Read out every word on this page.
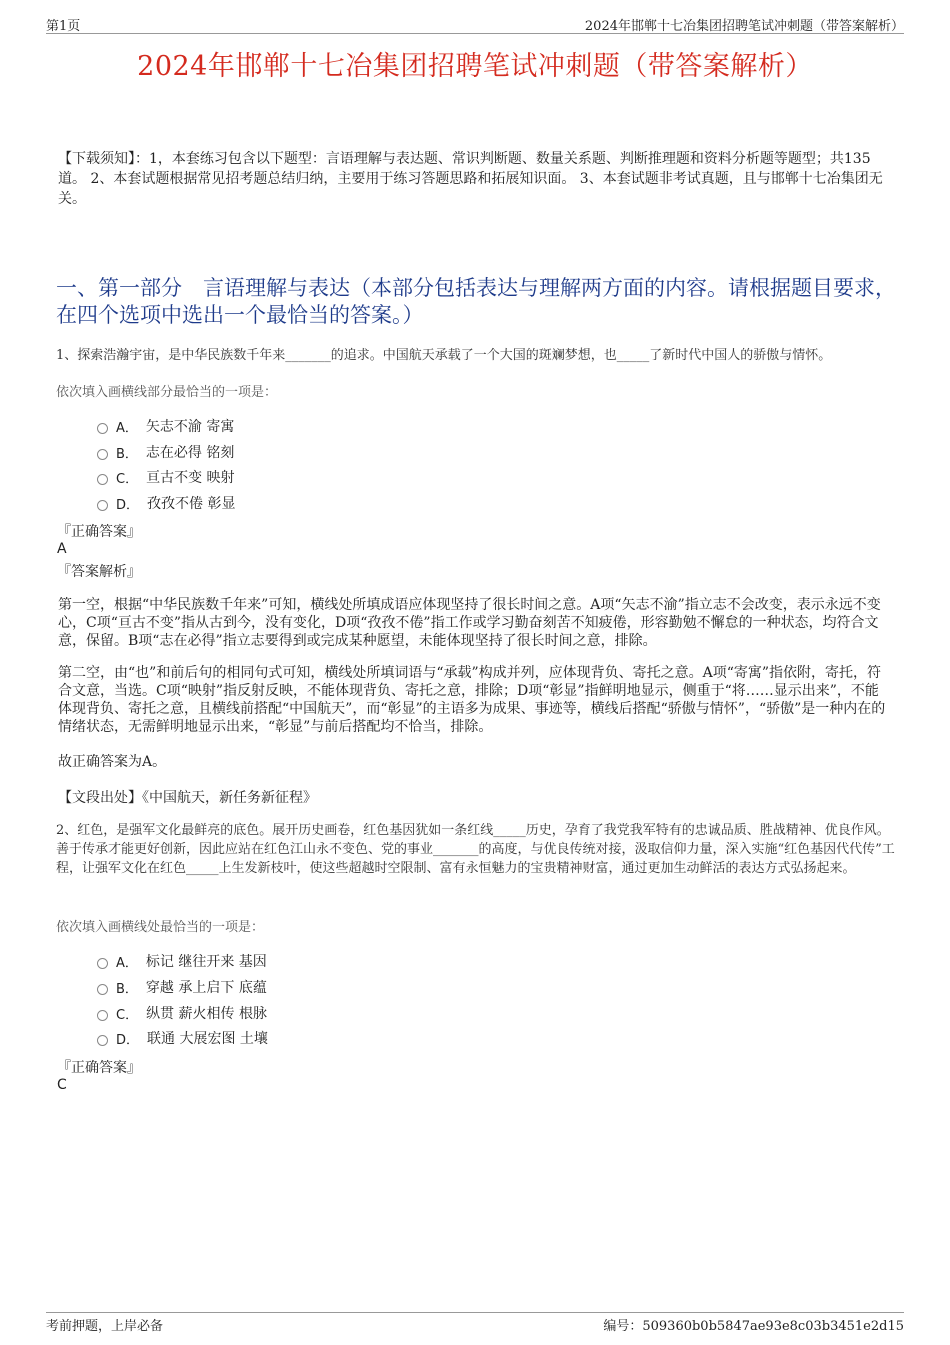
第1页	2024年邯郸十七冶集团招聘笔试冲刺题（带答案解析）
2024年邯郸十七冶集团招聘笔试冲刺题（带答案解析）
【下载须知】：1，本套练习包含以下题型：言语理解与表达题、常识判断题、数量关系题、判断推理题和资料分析题等题型；共135道。 2、本套试题根据常见招考题总结归纳，主要用于练习答题思路和拓展知识面。 3、本套试题非考试真题，且与邯郸十七冶集团无关。
一、第一部分　言语理解与表达（本部分包括表达与理解两方面的内容。请根据题目要求，在四个选项中选出一个最恰当的答案。）
1、探索浩瀚宇宙，是中华民族数千年来_______的追求。中国航天承载了一个大国的斑斓梦想，也_____了新时代中国人的骄傲与情怀。
依次填入画横线部分最恰当的一项是：
A． 矢志不渝 寄寓
B． 志在必得 铭刻
C． 亘古不变 映射
D． 孜孜不倦 彰显
『正确答案』
A
『答案解析』
第一空，根据“中华民族数千年来”可知，横线处所填成语应体现坚持了很长时间之意。A项“矢志不渝”指立志不会改变，表示永远不变心，C项“亘古不变”指从古到今，没有变化，D项“孜孜不倦”指工作或学习勤奋刻苦不知疲倦，形容勤勉不懈怠的一种状态，均符合文意，保留。B项“志在必得”指立志要得到或完成某种愿望，未能体现坚持了很长时间之意，排除。
第二空，由“也”和前后句的相同句式可知，横线处所填词语与“承载”构成并列，应体现背负、寄托之意。A项“寄寓”指依附，寄托，符合文意，当选。C项“映射”指反射反映，不能体现背负、寄托之意，排除；D项“彰显”指鲜明地显示，侧重于“将……显示出来”，不能体现背负、寄托之意，且横线前搭配“中国航天”，而“彰显”的主语多为成果、事迹等，横线后搭配“骄傲与情怀”，“骄傲”是一种内在的情绪状态，无需鲜明地显示出来，“彰显”与前后搭配均不恰当，排除。
故正确答案为A。
【文段出处】《中国航天，新任务新征程》
2、红色，是强军文化最鲜亮的底色。展开历史画卷，红色基因犹如一条红线_____历史，孕育了我党我军特有的忠诚品质、胜战精神、优良作风。善于传承才能更好创新，因此应站在红色江山永不变色、党的事业_______的高度，与优良传统对接，汲取信仰力量，深入实施“红色基因代代传”工程，让强军文化在红色_____上生发新枝叶，使这些超越时空限制、富有永恒魅力的宝贵精神财富，通过更加生动鲜活的表达方式弘扬起来。
依次填入画横线处最恰当的一项是：
A． 标记 继往开来 基因
B． 穿越 承上启下 底蕴
C． 纵贯 薪火相传 根脉
D． 联通 大展宏图 土壤
『正确答案』
C
考前押题，上岸必备	编号：509360b0b5847ae93e8c03b3451e2d15
